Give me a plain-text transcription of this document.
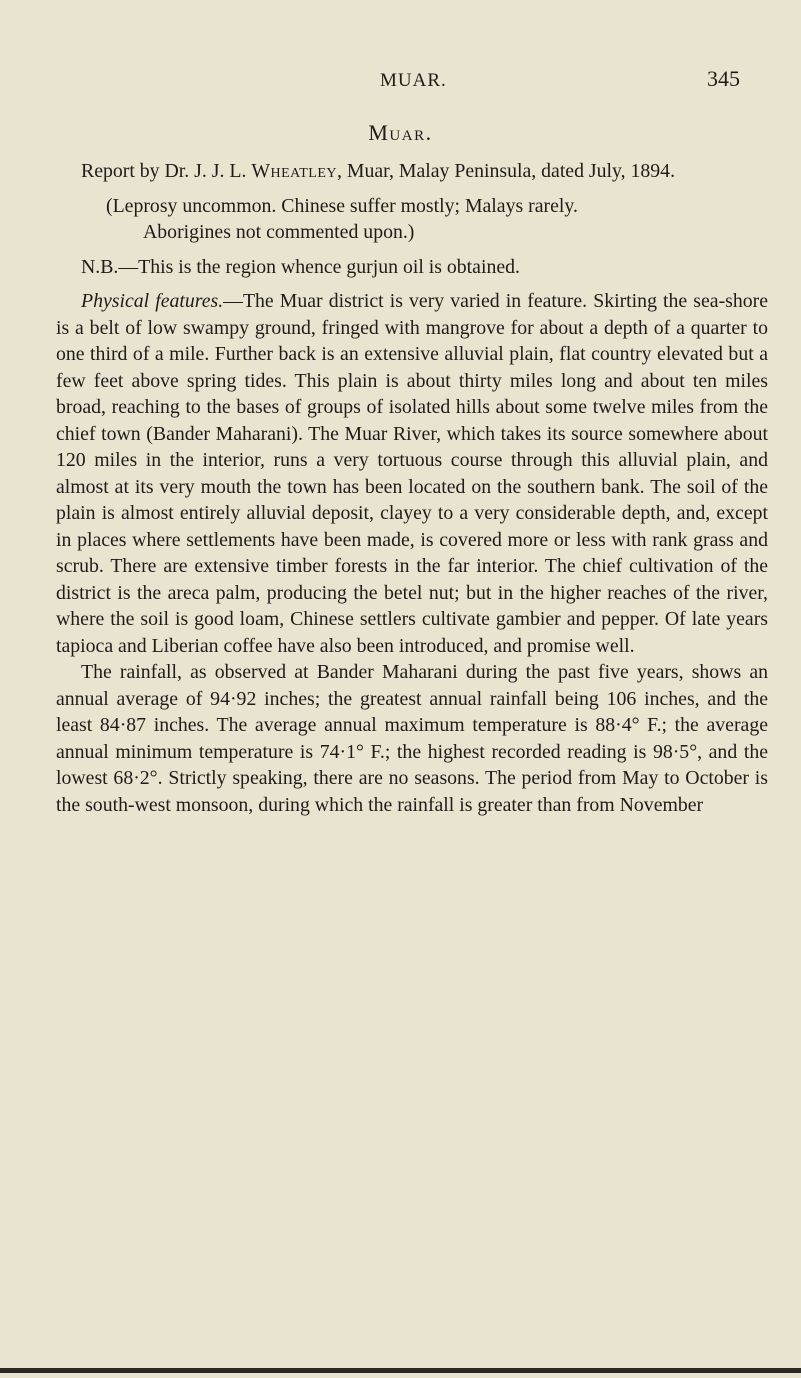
MUAR.	345
Muar.

Report by Dr. J. J. L. Wheatley, Muar, Malay Peninsula, dated July, 1894.

(Leprosy uncommon. Chinese suffer mostly; Malays rarely.
Aborigines not commented upon.)

N.B.—This is the region whence gurjun oil is obtained.

Physical features.—The Muar district is very varied in feature. Skirting the sea-shore is a belt of low swampy ground, fringed with mangrove for about a depth of a quarter to one third of a mile. Further back is an extensive alluvial plain, flat country elevated but a few feet above spring tides. This plain is about thirty miles long and about ten miles broad, reaching to the bases of groups of isolated hills about some twelve miles from the chief town (Bander Maharani). The Muar River, which takes its source somewhere about 120 miles in the interior, runs a very tortuous course through this alluvial plain, and almost at its very mouth the town has been located on the southern bank. The soil of the plain is almost entirely alluvial deposit, clayey to a very considerable depth, and, except in places where settlements have been made, is covered more or less with rank grass and scrub. There are extensive timber forests in the far interior. The chief cultivation of the district is the areca palm, producing the betel nut; but in the higher reaches of the river, where the soil is good loam, Chinese settlers cultivate gambier and pepper. Of late years tapioca and Liberian coffee have also been introduced, and promise well.

The rainfall, as observed at Bander Maharani during the past five years, shows an annual average of 94·92 inches; the greatest annual rainfall being 106 inches, and the least 84·87 inches. The average annual maximum temperature is 88·4° F.; the average annual minimum temperature is 74·1° F.; the highest recorded reading is 98·5°, and the lowest 68·2°. Strictly speaking, there are no seasons. The period from May to October is the south-west monsoon, during which the rainfall is greater than from November
